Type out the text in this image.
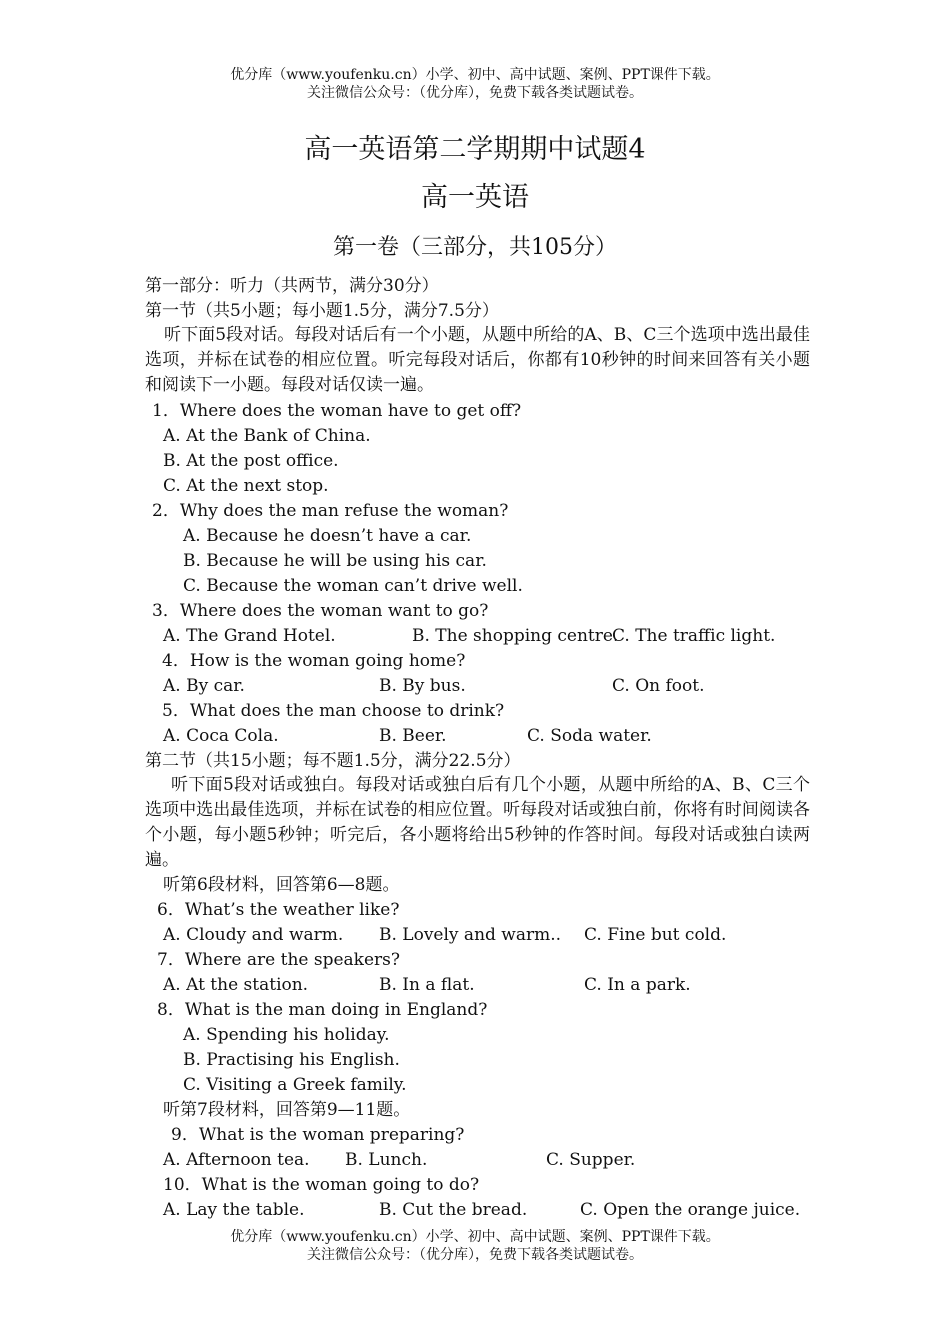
优分库（www.youfenku.cn）小学、初中、高中试题、案例、PPT课件下载。
关注微信公众号：（优分库），免费下载各类试题试卷。
高一英语第二学期期中试题4
高一英语
第一卷（三部分，共105分）
第一部分：听力（共两节，满分30分）
第一节（共5小题；每小题1.5分，满分7.5分）
听下面5段对话。每段对话后有一个小题，从题中所给的A、B、C三个选项中选出最佳选项，并标在试卷的相应位置。听完每段对话后，你都有10秒钟的时间来回答有关小题和阅读下一小题。每段对话仅读一遍。
1．Where does the woman have to get off?
A. At the Bank of China.
B. At the post office.
C. At the next stop.
2．Why does the man refuse the woman?
A. Because he doesn’t have a car.
B. Because he will be using his car.
C. Because the woman can’t drive well.
3．Where does the woman want to go?
A. The Grand Hotel.	B. The shopping centre.
C. The traffic light.
4．How is the woman going home?
A. By car.	B. By bus.	C. On foot.
5．What does the man choose to drink?
A. Coca Cola.	B. Beer.	C. Soda water.
第二节（共15小题；每不题1.5分，满分22.5分）
听下面5段对话或独白。每段对话或独白后有几个小题，从题中所给的A、B、C三个选项中选出最佳选项，并标在试卷的相应位置。听每段对话或独白前，你将有时间阅读各个小题，每小题5秒钟；听完后，各小题将给出5秒钟的作答时间。每段对话或独白读两遍。
听第6段材料，回答第6—8题。
6．What’s the weather like?
A. Cloudy and warm. B. Lovely and warm.. C. Fine but cold.
7．Where are the speakers?
A. At the station.	B. In a flat.	C. In a park.
8．What is the man doing in England?
A. Spending his holiday.
B. Practising his English.
C. Visiting a Greek family.
听第7段材料，回答第9—11题。
9．What is the woman preparing?
A. Afternoon tea. B. Lunch.	C. Supper.
10．What is the woman going to do?
A. Lay the table.	B. Cut the bread.	C. Open the orange juice.
优分库（www.youfenku.cn）小学、初中、高中试题、案例、PPT课件下载。
关注微信公众号：（优分库），免费下载各类试题试卷。
